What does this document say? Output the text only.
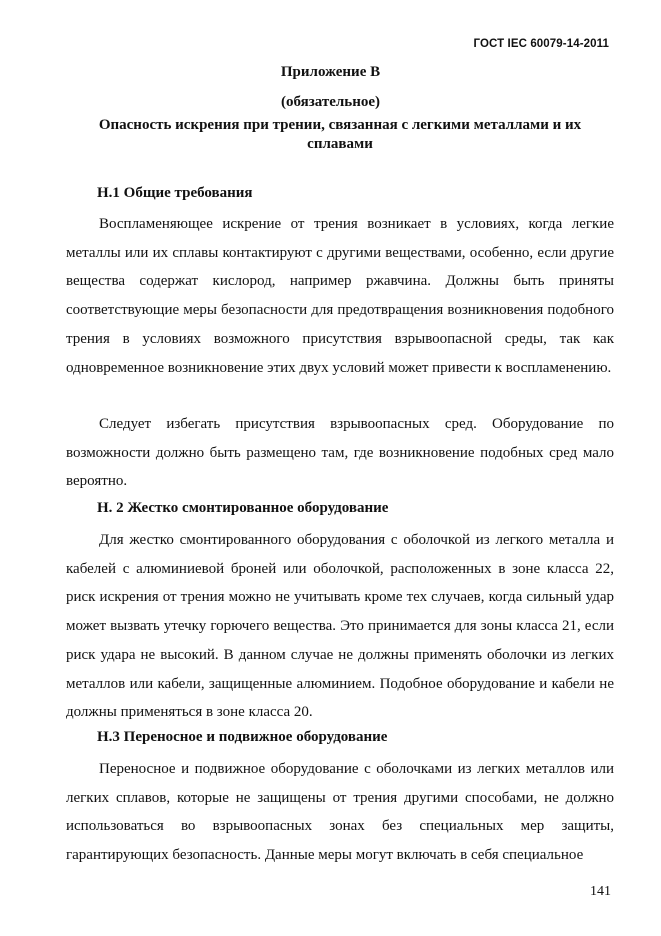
ГОСТ IEC 60079-14-2011
Приложение В
(обязательное)
Опасность искрения при трении, связанная с легкими металлами и их сплавами
Н.1 Общие требования

Воспламеняющее искрение от трения возникает в условиях, когда легкие металлы или их сплавы контактируют с другими веществами, особенно, если другие вещества содержат кислород, например ржавчина. Должны быть приняты соответствующие меры безопасности для предотвращения возникновения подобного трения в условиях возможного присутствия взрывоопасной среды, так как одновременное возникновение этих двух условий может привести к воспламенению.

Следует избегать присутствия взрывоопасных сред. Оборудование по возможности должно быть размещено там, где возникновение подобных сред мало вероятно.

Н. 2 Жестко смонтированное оборудование

Для жестко смонтированного оборудования с оболочкой из легкого металла и кабелей с алюминиевой броней или оболочкой, расположенных в зоне класса 22, риск искрения от трения можно не учитывать кроме тех случаев, когда сильный удар может вызвать утечку горючего вещества. Это принимается для зоны класса 21, если риск удара не высокий. В данном случае не должны применять оболочки из легких металлов или кабели, защищенные алюминием. Подобное оборудование и кабели не должны применяться в зоне класса 20.

Н.3 Переносное и подвижное оборудование

Переносное и подвижное оборудование с оболочками из легких металлов или легких сплавов, которые не защищены от трения другими способами, не должно использоваться во взрывоопасных зонах без специальных мер защиты, гарантирующих безопасность. Данные меры могут включать в себя специальное

141
